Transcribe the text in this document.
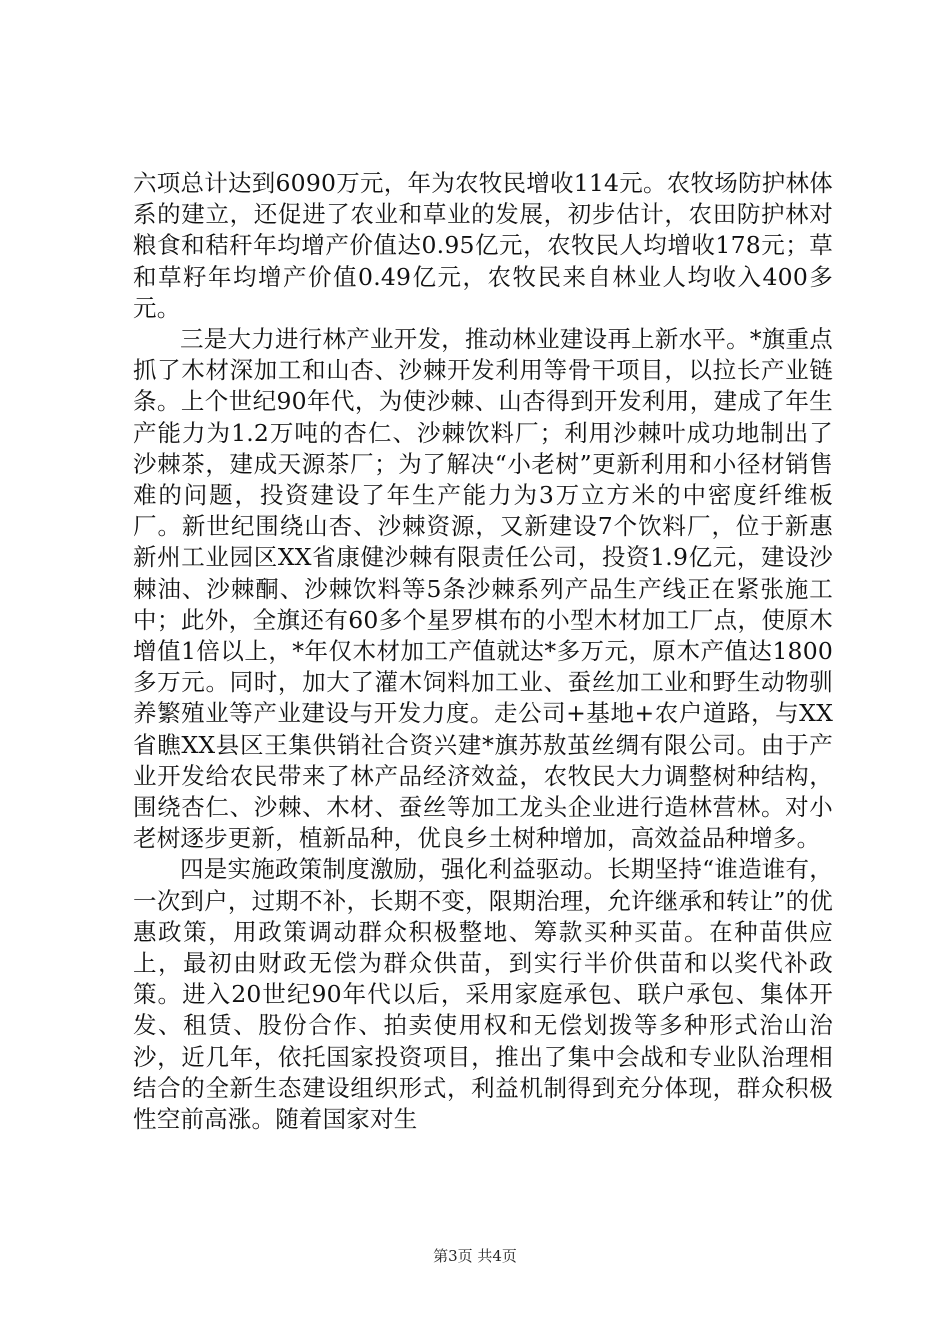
六项总计达到6090万元，年为农牧民增收114元。农牧场防护林体系的建立，还促进了农业和草业的发展，初步估计，农田防护林对粮食和秸秆年均增产价值达0.95亿元，农牧民人均增收178元；草和草籽年均增产价值0.49亿元，农牧民来自林业人均收入400多元。

三是大力进行林产业开发，推动林业建设再上新水平。*旗重点抓了木材深加工和山杏、沙棘开发利用等骨干项目，以拉长产业链条。上个世纪90年代，为使沙棘、山杏得到开发利用，建成了年生产能力为1.2万吨的杏仁、沙棘饮料厂；利用沙棘叶成功地制出了沙棘茶，建成天源茶厂；为了解决“小老树”更新利用和小径材销售难的问题，投资建设了年生产能力为3万立方米的中密度纤维板厂。新世纪围绕山杏、沙棘资源，又新建设7个饮料厂，位于新惠新州工业园区XX省康健沙棘有限责任公司，投资1.9亿元，建设沙棘油、沙棘酮、沙棘饮料等5条沙棘系列产品生产线正在紧张施工中；此外，全旗还有60多个星罗棋布的小型木材加工厂点，使原木增值1倍以上，*年仅木材加工产值就达*多万元，原木产值达1800多万元。同时，加大了灌木饲料加工业、蚕丝加工业和野生动物驯养繁殖业等产业建设与开发力度。走公司+基地+农户道路，与XX省瞧XX县区王集供销社合资兴建*旗苏敖茧丝绸有限公司。由于产业开发给农民带来了林产品经济效益，农牧民大力调整树种结构，围绕杏仁、沙棘、木材、蚕丝等加工龙头企业进行造林营林。对小老树逐步更新，植新品种，优良乡土树种增加，高效益品种增多。

四是实施政策制度激励，强化利益驱动。长期坚持“谁造谁有，一次到户，过期不补，长期不变，限期治理，允许继承和转让”的优惠政策，用政策调动群众积极整地、筹款买种买苗。在种苗供应上，最初由财政无偿为群众供苗，到实行半价供苗和以奖代补政策。进入20世纪90年代以后，采用家庭承包、联户承包、集体开发、租赁、股份合作、拍卖使用权和无偿划拨等多种形式治山治沙，近几年，依托国家投资项目，推出了集中会战和专业队治理相结合的全新生态建设组织形式，利益机制得到充分体现，群众积极性空前高涨。随着国家对生

第3页 共4页
